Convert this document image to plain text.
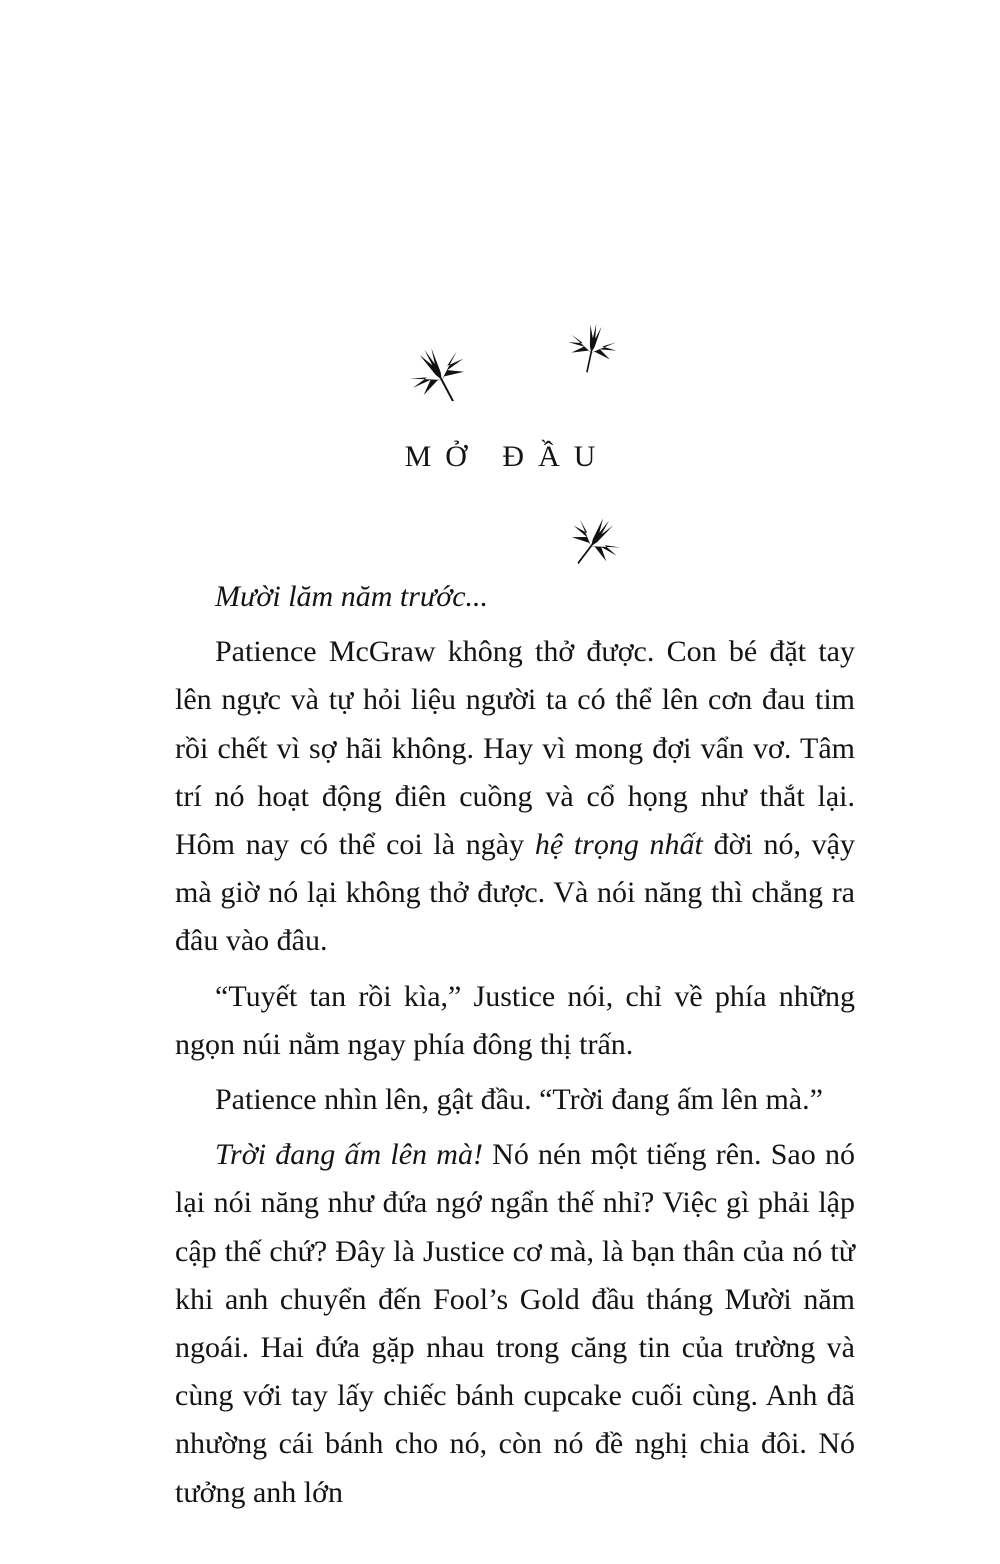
MỞ ĐẦU

Mười lăm năm trước...

Patience McGraw không thở được. Con bé đặt tay lên ngực và tự hỏi liệu người ta có thể lên cơn đau tim rồi chết vì sợ hãi không. Hay vì mong đợi vẩn vơ. Tâm trí nó hoạt động điên cuồng và cổ họng như thắt lại. Hôm nay có thể coi là ngày hệ trọng nhất đời nó, vậy mà giờ nó lại không thở được. Và nói năng thì chẳng ra đâu vào đâu.

“Tuyết tan rồi kìa,” Justice nói, chỉ về phía những ngọn núi nằm ngay phía đông thị trấn.

Patience nhìn lên, gật đầu. “Trời đang ấm lên mà.”

Trời đang ấm lên mà! Nó nén một tiếng rên. Sao nó lại nói năng như đứa ngớ ngẩn thế nhỉ? Việc gì phải lập cập thế chứ? Đây là Justice cơ mà, là bạn thân của nó từ khi anh chuyển đến Fool’s Gold đầu tháng Mười năm ngoái. Hai đứa gặp nhau trong căng tin của trường và cùng với tay lấy chiếc bánh cupcake cuối cùng. Anh đã nhường cái bánh cho nó, còn nó đề nghị chia đôi. Nó tưởng anh lớn
